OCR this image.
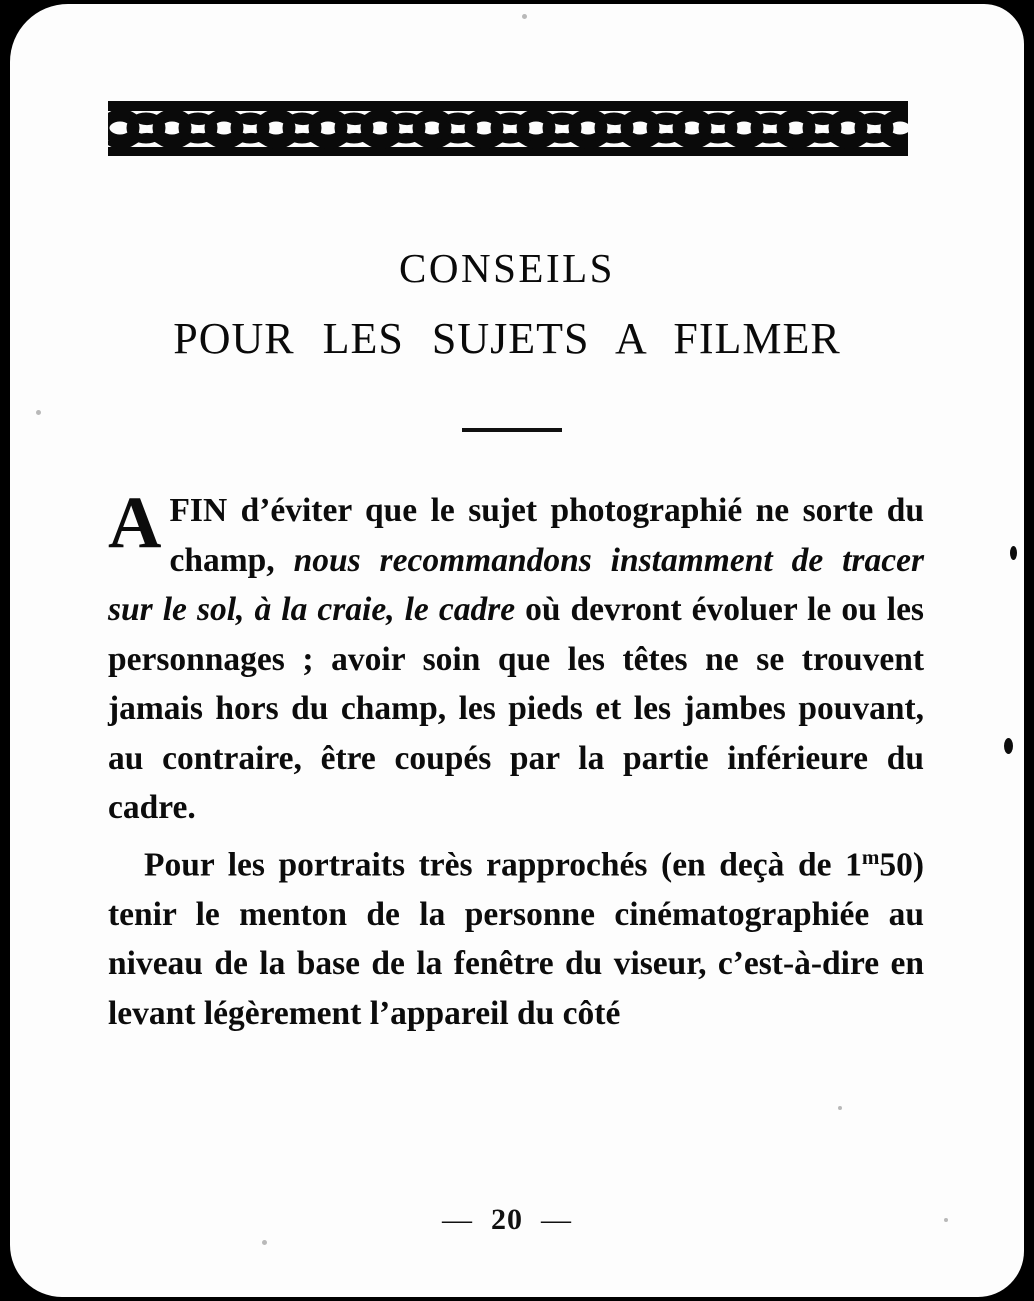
CONSEILS
POUR LES SUJETS A FILMER

AFIN d’éviter que le sujet photographié ne sorte du champ, nous recommandons instamment de tracer sur le sol, à la craie, le cadre où devront évoluer le ou les personnages ; avoir soin que les têtes ne se trouvent jamais hors du champ, les pieds et les jambes pouvant, au contraire, être coupés par la partie inférieure du cadre.

Pour les portraits très rapprochés (en deçà de 1$^m$50) tenir le menton de la personne cinématographiée au niveau de la base de la fenêtre du viseur, c’est-à-dire en levant légèrement l’appareil du côté

— 20 —
